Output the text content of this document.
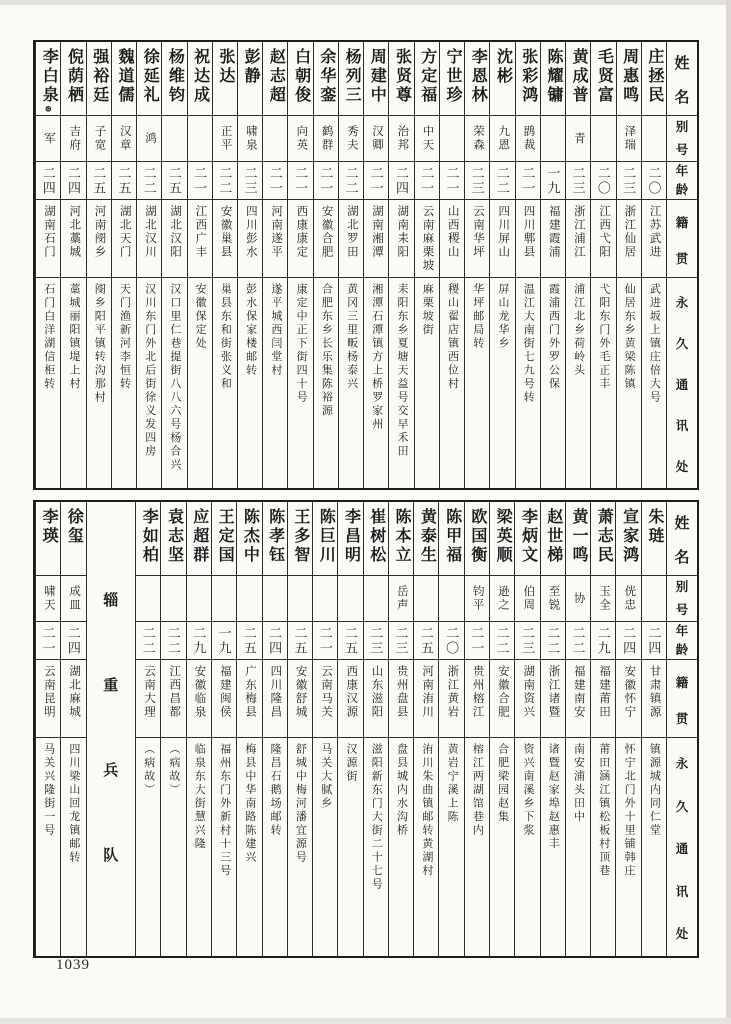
姓
名
别
号
年
龄
籍
贯
永
久
通
讯
处
庄拯民
二〇
江苏武进
武进坂上镇庄倍大号
周惠鸣
泽瑞
二三
浙江仙居
仙居东乡黄梁陈镇
毛贤富
二〇
江西弋阳
弋阳东门外毛正丰
黄成普
青
二三
浙江浦江
浦江北乡荷岭头
陈耀镛
一九
福建霞浦
霞浦西门外罗公保
张彩鸿
鹍裁
二一
四川郫县
温江大南街七九号转
沈彬
九恩
二二
四川屏山
屏山龙华乡
李恩林
荣森
二三
云南华坪
华坪邮局转
宁世珍
二一
山西稷山
稷山翟店镇西位村
方定福
中天
二一
云南麻栗坡
麻栗坡街
张贤尊
治邦
二四
湖南耒阳
耒阳东乡夏塘天益号交早禾田
周建中
汉卿
二一
湖南湘潭
湘潭石潭镇方上桥罗家州
杨列三
秀夫
二二
湖北罗田
黄冈三里畈杨泰兴
余华銮
鹤群
二一
安徽合肥
合肥东乡长乐集陈裕源
白朝俊
向英
二一
西康康定
康定中正下街四十号
赵志超
二一
河南遂平
遂平城西闫堂村
彭静
啸泉
二三
四川彭水
彭水保家楼邮转
张达
正平
二二
安徽巢县
巢县东和街张义和
祝达成
二一
江西广丰
安徽保定处
杨维钧
二五
湖北汉阳
汉口里仁巷提街八八六号杨合兴
徐延礼
鸿
二二
湖北汉川
汉川东门外北后街徐义发四房
魏道儒
汉章
二五
湖北天门
天门渔新河李恒转
强裕廷
子宽
二五
河南阌乡
阌乡阳平镇转沟那村
倪荫栖
吉府
二四
河北藁城
藁城丽阳镇堤上村
李白泉⊛
军
二四
湖南石门
石门白洋湖信柜转
姓
名
别
号
年
龄
籍
贯
永
久
通
讯
处
朱琏
二四
甘肃镇源
镇源城内同仁堂
宣家鸿
侊忠
二四
安徽怀宁
怀宁北门外十里铺韩庄
萧志民
玉全
二九
福建莆田
莆田涵江镇松板村顶巷
黄一鸣
协
二二
福建南安
南安浦头田中
赵世梯
至锐
二二
浙江诸暨
诸暨赵家埠赵惠丰
李炳文
伯周
二三
湖南资兴
资兴南溪乡下浆
梁英顺
逊之
二二
安徽合肥
合肥梁园赵集
欧国衡
钧平
二一
贵州榕江
榕江两湖馆巷内
陈甲福
二〇
浙江黄岩
黄岩宁溪上陈
黄泰生
二五
河南洧川
洧川朱曲镇邮转黄湖村
陈本立
岳声
二三
贵州盘县
盘县城内水沟桥
崔树松
二三
山东滋阳
滋阳新东门大街二十七号
李昌明
二五
西康汉源
汉源街
陈巨川
二一
云南马关
马关大腻乡
王多智
二五
安徽舒城
舒城中梅河潘宜源号
陈孝钰
二四
四川隆昌
隆昌石鹅场邮转
陈杰中
二五
广东梅县
梅县中华南路陈建兴
王定国
一九
福建闽侯
福州东门外新村十三号
应超群
二九
安徽临泉
临泉东大街慧兴隆
袁志坚
二二
江西昌都
（病故）
李如柏
二二
云南大理
（病故）
辎
重
兵
队
徐玺
成皿
二四
湖北麻城
四川梁山回龙镇邮转
李瑛
啸天
二一
云南昆明
马关兴隆街一号
1039
